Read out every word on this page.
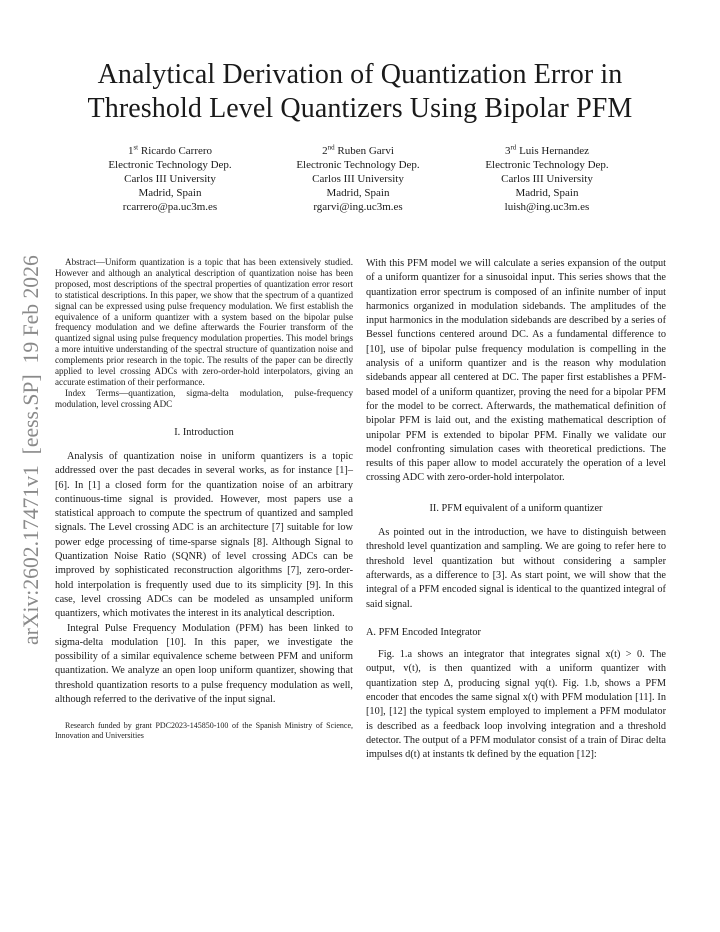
arXiv:2602.17471v1  [eess.SP]  19 Feb 2026
Analytical Derivation of Quantization Error in
Threshold Level Quantizers Using Bipolar PFM
1st Ricardo Carrero
Electronic Technology Dep.
Carlos III University
Madrid, Spain
rcarrero@pa.uc3m.es
2nd Ruben Garvi
Electronic Technology Dep.
Carlos III University
Madrid, Spain
rgarvi@ing.uc3m.es
3rd Luis Hernandez
Electronic Technology Dep.
Carlos III University
Madrid, Spain
luish@ing.uc3m.es

Abstract—Uniform quantization is a topic that has been extensively studied. However and although an analytical description of quantization noise has been proposed, most descriptions of the spectral properties of quantization error resort to statistical descriptions. In this paper, we show that the spectrum of a quantized signal can be expressed using pulse frequency modulation. We first establish the equivalence of a uniform quantizer with a system based on the bipolar pulse frequency modulation and we define afterwards the Fourier transform of the quantized signal using pulse frequency modulation properties. This model brings a more intuitive understanding of the spectral structure of quantization noise and complements prior research in the topic. The results of the paper can be directly applied to level crossing ADCs with zero-order-hold interpolators, giving an accurate estimation of their performance.

Index Terms—quantization, sigma-delta modulation, pulse-frequency modulation, level crossing ADC

I. Introduction

Analysis of quantization noise in uniform quantizers is a topic addressed over the past decades in several works, as for instance [1]–[6]. In [1] a closed form for the quantization noise of an arbitrary continuous-time signal is provided. However, most papers use a statistical approach to compute the spectrum of quantized and sampled signals. The Level crossing ADC is an architecture [7] suitable for low power edge processing of time-sparse signals [8]. Although Signal to Quantization Noise Ratio (SQNR) of level crossing ADCs can be improved by sophisticated reconstruction algorithms [7], zero-order-hold interpolation is frequently used due to its simplicity [9]. In this case, level crossing ADCs can be modeled as unsampled uniform quantizers, which motivates the interest in its analytical description.

Integral Pulse Frequency Modulation (PFM) has been linked to sigma-delta modulation [10]. In this paper, we investigate the possibility of a similar equivalence scheme between PFM and uniform quantization. We analyze an open loop uniform quantizer, showing that threshold quantization resorts to a pulse frequency modulation as well, although referred to the derivative of the input signal.

Research funded by grant PDC2023-145850-100 of the Spanish Ministry of Science, Innovation and Universities

With this PFM model we will calculate a series expansion of the output of a uniform quantizer for a sinusoidal input. This series shows that the quantization error spectrum is composed of an infinite number of input harmonics organized in modulation sidebands. The amplitudes of the input harmonics in the modulation sidebands are described by a series of Bessel functions centered around DC. As a fundamental difference to [10], use of bipolar pulse frequency modulation is compelling in the analysis of a uniform quantizer and is the reason why modulation sidebands appear all centered at DC. The paper first establishes a PFM-based model of a uniform quantizer, proving the need for a bipolar PFM for the model to be correct. Afterwards, the mathematical definition of bipolar PFM is laid out, and the existing mathematical description of unipolar PFM is extended to bipolar PFM. Finally we validate our model confronting simulation cases with theoretical predictions. The results of this paper allow to model accurately the operation of a level crossing ADC with zero-order-hold interpolator.

II. PFM equivalent of a uniform quantizer

As pointed out in the introduction, we have to distinguish between threshold level quantization and sampling. We are going to refer here to threshold level quantization but without considering a sampler afterwards, as a difference to [3]. As start point, we will show that the integral of a PFM encoded signal is identical to the quantized integral of said signal.

A. PFM Encoded Integrator

Fig. 1.a shows an integrator that integrates signal x(t) > 0. The output, v(t), is then quantized with a uniform quantizer with quantization step Δ, producing signal yq(t). Fig. 1.b, shows a PFM encoder that encodes the same signal x(t) with PFM modulation [11]. In [10], [12] the typical system employed to implement a PFM modulator is described as a feedback loop involving integration and a threshold detector. The output of a PFM modulator consist of a train of Dirac delta impulses d(t) at instants tk defined by the equation [12]:
